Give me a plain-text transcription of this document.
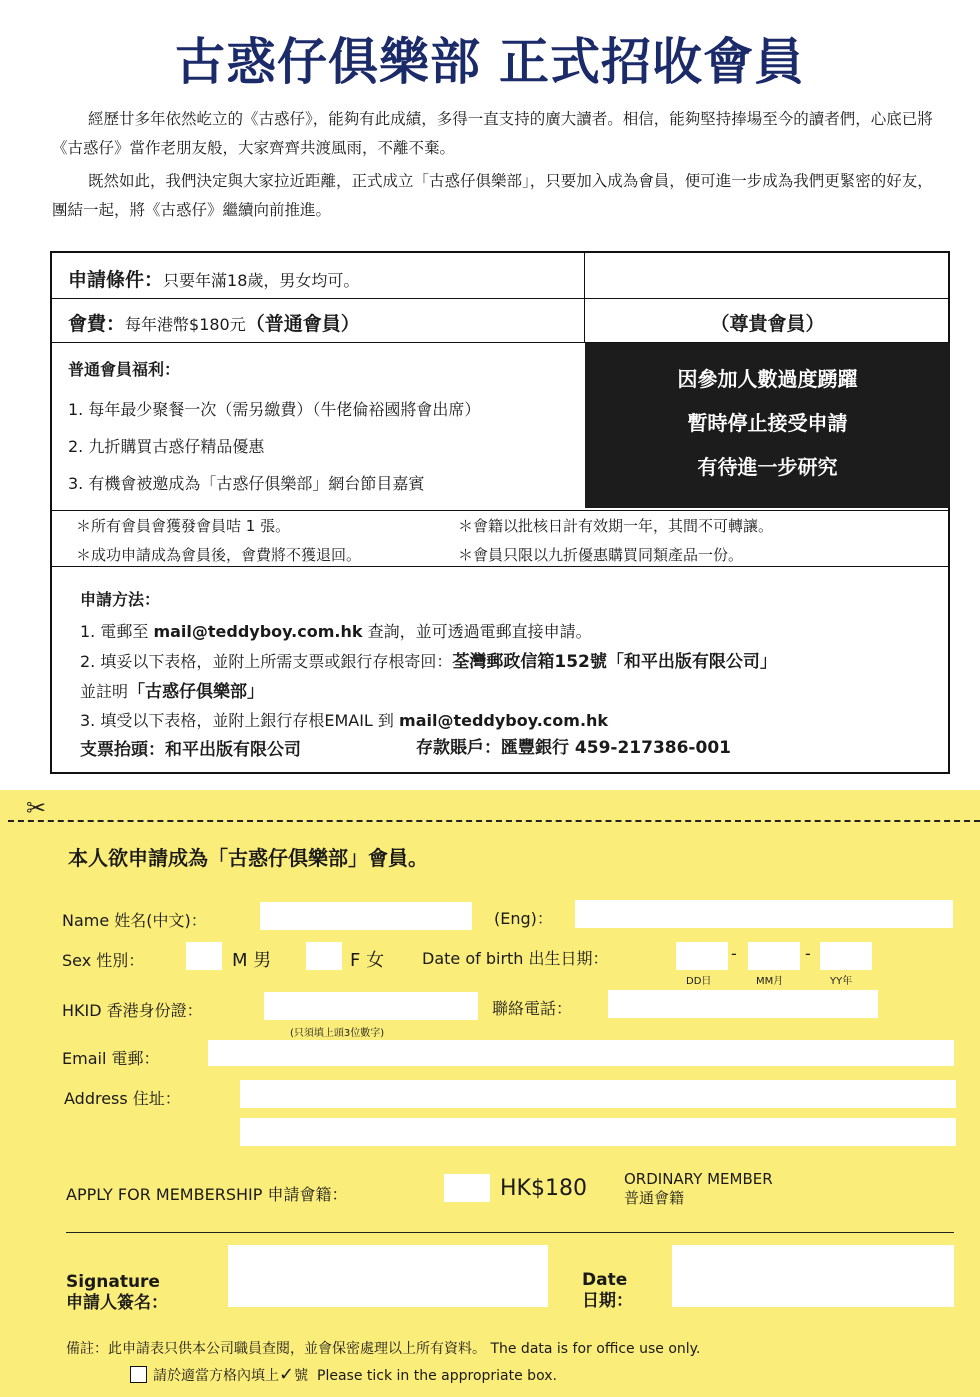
古惑仔俱樂部 正式招收會員

經歷廿多年依然屹立的《古惑仔》，能夠有此成績，多得一直支持的廣大讀者。相信，能夠堅持捧場至今的讀者們，心底已將《古惑仔》當作老朋友般，大家齊齊共渡風雨，不離不棄。

既然如此，我們決定與大家拉近距離，正式成立「古惑仔俱樂部」，只要加入成為會員，便可進一步成為我們更緊密的好友，團結一起，將《古惑仔》繼續向前推進。

申請條件：只要年滿18歲，男女均可。
會費：每年港幣$180元（普通會員）	（尊貴會員）
普通會員福利：
1. 每年最少聚餐一次（需另繳費）（牛佬倫裕國將會出席）
2. 九折購買古惑仔精品優惠
3. 有機會被邀成為「古惑仔俱樂部」網台節目嘉賓
因參加人數過度踴躍
暫時停止接受申請
有待進一步研究
＊所有會員會獲發會員咭 1 張。	＊會籍以批核日計有效期一年，其間不可轉讓。
＊成功申請成為會員後，會費將不獲退回。	＊會員只限以九折優惠購買同類產品一份。
申請方法：
1. 電郵至 mail@teddyboy.com.hk 查詢，並可透過電郵直接申請。
2. 填妥以下表格，並附上所需支票或銀行存根寄回：荃灣郵政信箱152號「和平出版有限公司」
並註明「古惑仔俱樂部」
3. 填受以下表格，並附上銀行存根EMAIL 到 mail@teddyboy.com.hk
支票抬頭：和平出版有限公司	存款賬戶：匯豐銀行 459-217386-001
✂
本人欲申請成為「古惑仔俱樂部」會員。
Name 姓名(中文)：	(Eng)：
Sex 性別：	M 男	F 女 Date of birth 出生日期：	-	-
DD日	MM月	YY年
HKID 香港身份證：
(只須填上頭3位數字)
聯絡電話：
Email 電郵：
Address 住址：
APPLY FOR MEMBERSHIP 申請會籍：	HK$180 ORDINARY MEMBER
普通會籍
Signature
申請人簽名：
Date
日期：
備註：此申請表只供本公司職員查閱，並會保密處理以上所有資料。 The data is for office use only.
請於適當方格內填上✓號 Please tick in the appropriate box.
